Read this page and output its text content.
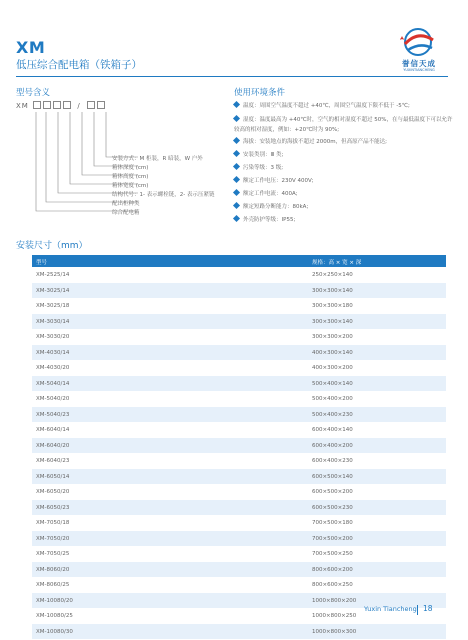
XM
低压综合配电箱（铁箱子）	誉信天成
YUXINTIANCHENG
型号含义
XM	/
安装方式：M 柜装，R 暗装，W 户外
箱体深度 (cm)
箱体高度 (cm)
箱体宽度 (cm)
结构代号：1- 表示螺栓链，2- 表示压紧链
配出柜种类
综合配电箱
使用环境条件
温度：周围空气温度不超过 +40℃，周围空气温度下限不低于 -5℃;
湿度：温度最高为 +40℃时，空气的相对湿度不超过 50%，在与最低温度下可以允许较高的相对湿度，例如：+20℃时为 90%;
海拔：安装地点的海拔不超过 2000m，但高原产品不能达;
安装类别：Ⅲ 类;
污染等级：3 级;
额定工作电压：230V 400V;
额定工作电流：400A;
额定短路分断能力：80kA;
外壳防护等级：IP55;
安装尺寸（mm）
型号	规格：高 × 宽 × 深
XM-2525/14	250×250×140
XM-3025/14	300×300×140
XM-3025/18	300×300×180
XM-3030/14	300×300×140
XM-3030/20	300×300×200
XM-4030/14	400×300×140
XM-4030/20	400×300×200
XM-5040/14	500×400×140
XM-5040/20	500×400×200
XM-5040/23	500×400×230
XM-6040/14	600×400×140
XM-6040/20	600×400×200
XM-6040/23	600×400×230
XM-6050/14	600×500×140
XM-6050/20	600×500×200
XM-6050/23	600×500×230
XM-7050/18	700×500×180
XM-7050/20	700×500×200
XM-7050/25	700×500×250
XM-8060/20	800×600×200
XM-8060/25	800×600×250
XM-10080/20	1000×800×200
XM-10080/25	1000×800×250
XM-10080/30	1000×800×300
Yuxin Tiancheng 18
